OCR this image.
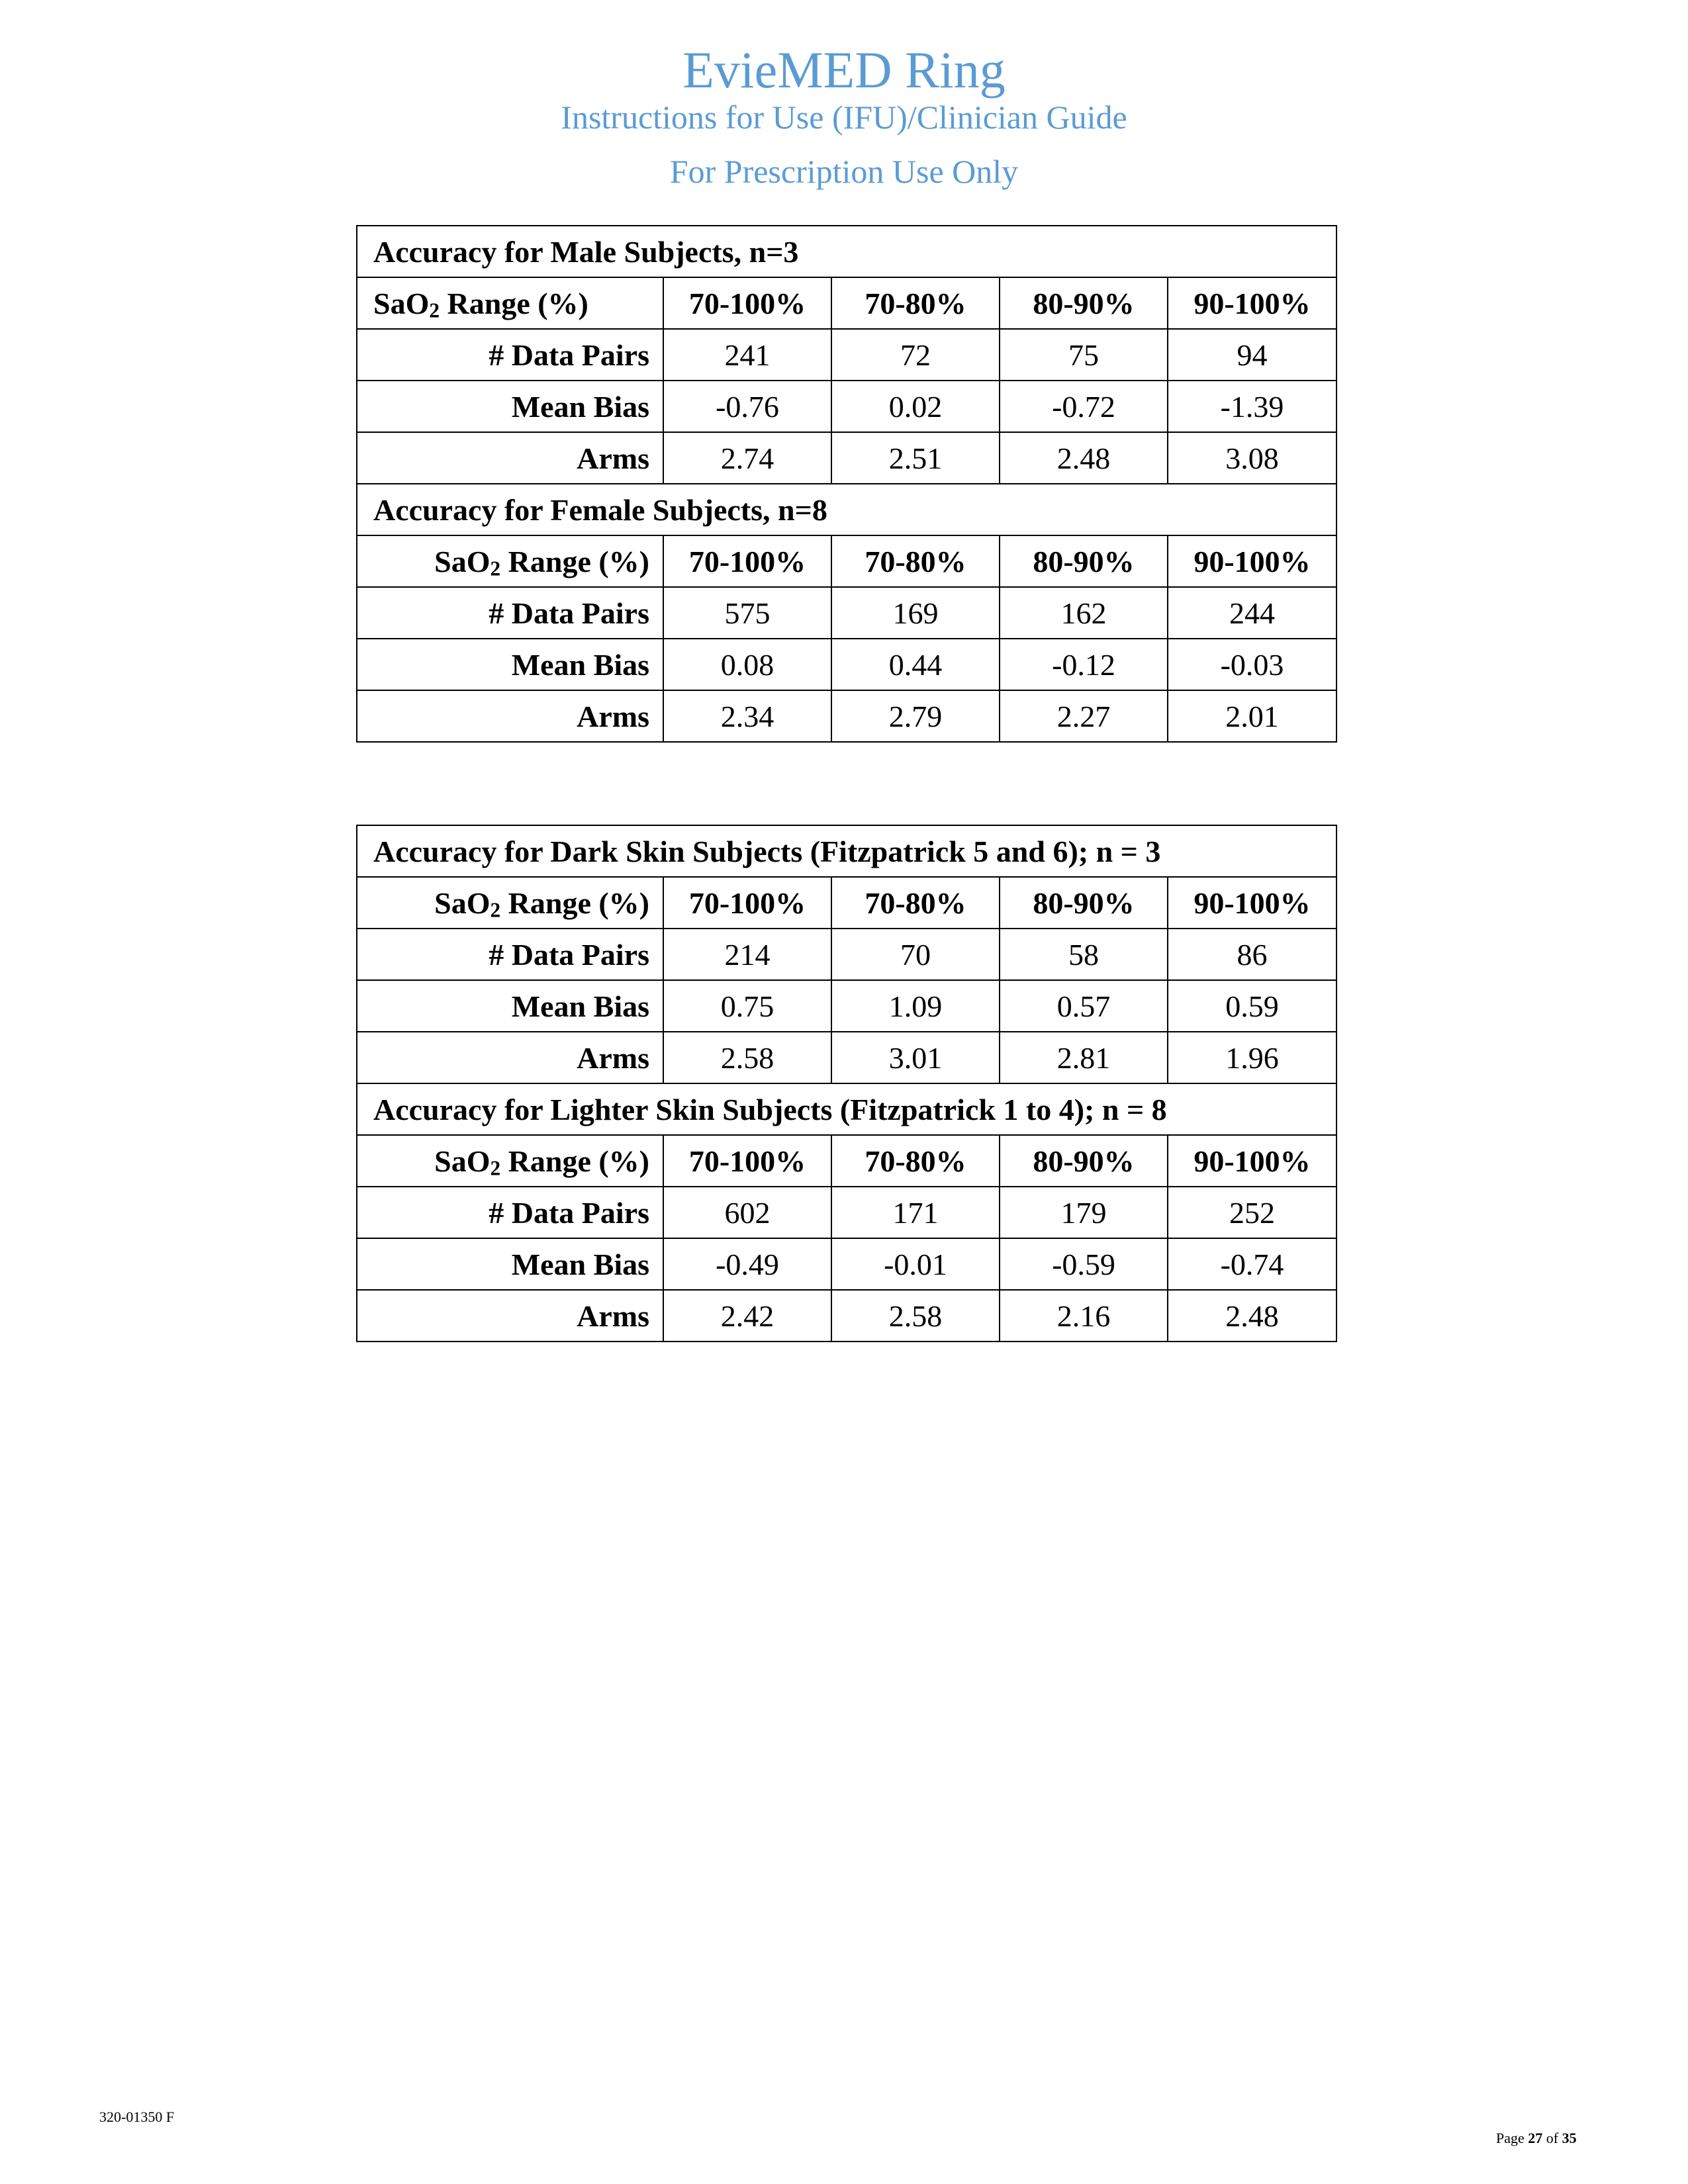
EvieMED Ring
Instructions for Use (IFU)/Clinician Guide
For Prescription Use Only
Accuracy for Male Subjects, n=3				
SaO$_2$ Range (%)	70-100%	70-80%	80-90%	90-100%
# Data Pairs	241	72	75	94
Mean Bias	-0.76	0.02	-0.72	-1.39
Arms	2.74	2.51	2.48	3.08
Accuracy for Female Subjects, n=8				
SaO$_2$ Range (%)	70-100%	70-80%	80-90%	90-100%
# Data Pairs	575	169	162	244
Mean Bias	0.08	0.44	-0.12	-0.03
Arms	2.34	2.79	2.27	2.01
Accuracy for Dark Skin Subjects (Fitzpatrick 5 and 6); n = 3				
SaO$_2$ Range (%)	70-100%	70-80%	80-90%	90-100%
# Data Pairs	214	70	58	86
Mean Bias	0.75	1.09	0.57	0.59
Arms	2.58	3.01	2.81	1.96
Accuracy for Lighter Skin Subjects (Fitzpatrick 1 to 4); n = 8				
SaO$_2$ Range (%)	70-100%	70-80%	80-90%	90-100%
# Data Pairs	602	171	179	252
Mean Bias	-0.49	-0.01	-0.59	-0.74
Arms	2.42	2.58	2.16	2.48
320-01350 F
Page 27 of 35
